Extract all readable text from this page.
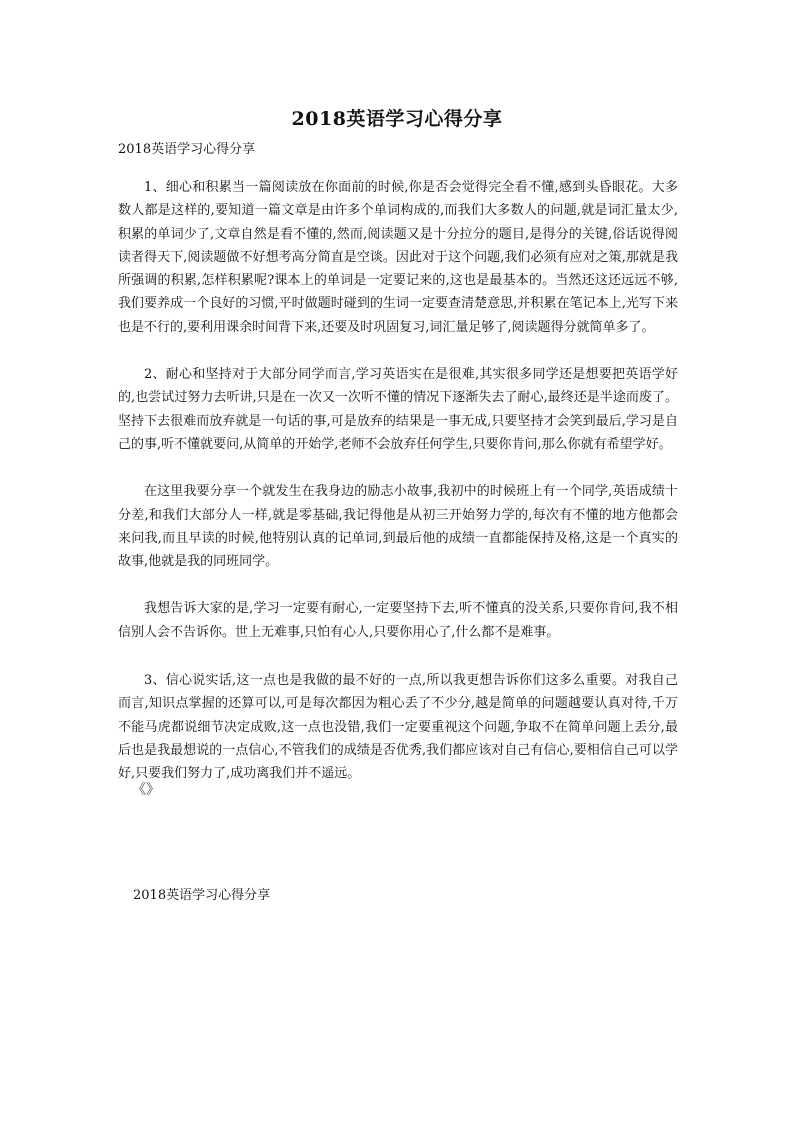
2018英语学习心得分享

2018英语学习心得分享

1、细心和积累当一篇阅读放在你面前的时候,你是否会觉得完全看不懂,感到头昏眼花。大多数人都是这样的,要知道一篇文章是由许多个单词构成的,而我们大多数人的问题,就是词汇量太少,积累的单词少了,文章自然是看不懂的,然而,阅读题又是十分拉分的题目,是得分的关键,俗话说得阅读者得天下,阅读题做不好想考高分简直是空谈。因此对于这个问题,我们必须有应对之策,那就是我所强调的积累,怎样积累呢?课本上的单词是一定要记来的,这也是最基本的。当然还这还远远不够,我们要养成一个良好的习惯,平时做题时碰到的生词一定要查清楚意思,并积累在笔记本上,光写下来也是不行的,要利用课余时间背下来,还要及时巩固复习,词汇量足够了,阅读题得分就简单多了。

2、耐心和坚持对于大部分同学而言,学习英语实在是很难,其实很多同学还是想要把英语学好的,也尝试过努力去听讲,只是在一次又一次听不懂的情况下逐渐失去了耐心,最终还是半途而废了。坚持下去很难而放弃就是一句话的事,可是放弃的结果是一事无成,只要坚持才会笑到最后,学习是自己的事,听不懂就要问,从简单的开始学,老师不会放弃任何学生,只要你肯问,那么你就有希望学好。

在这里我要分享一个就发生在我身边的励志小故事,我初中的时候班上有一个同学,英语成绩十分差,和我们大部分人一样,就是零基础,我记得他是从初三开始努力学的,每次有不懂的地方他都会来问我,而且早读的时候,他特别认真的记单词,到最后他的成绩一直都能保持及格,这是一个真实的故事,他就是我的同班同学。

我想告诉大家的是,学习一定要有耐心,一定要坚持下去,听不懂真的没关系,只要你肯问,我不相信别人会不告诉你。世上无难事,只怕有心人,只要你用心了,什么都不是难事。

3、信心说实话,这一点也是我做的最不好的一点,所以我更想告诉你们这多么重要。对我自己而言,知识点掌握的还算可以,可是每次都因为粗心丢了不少分,越是简单的问题越要认真对待,千万不能马虎都说细节决定成败,这一点也没错,我们一定要重视这个问题,争取不在简单问题上丢分,最后也是我最想说的一点信心,不管我们的成绩是否优秀,我们都应该对自己有信心,要相信自己可以学好,只要我们努力了,成功离我们并不遥远。

《》

2018英语学习心得分享
